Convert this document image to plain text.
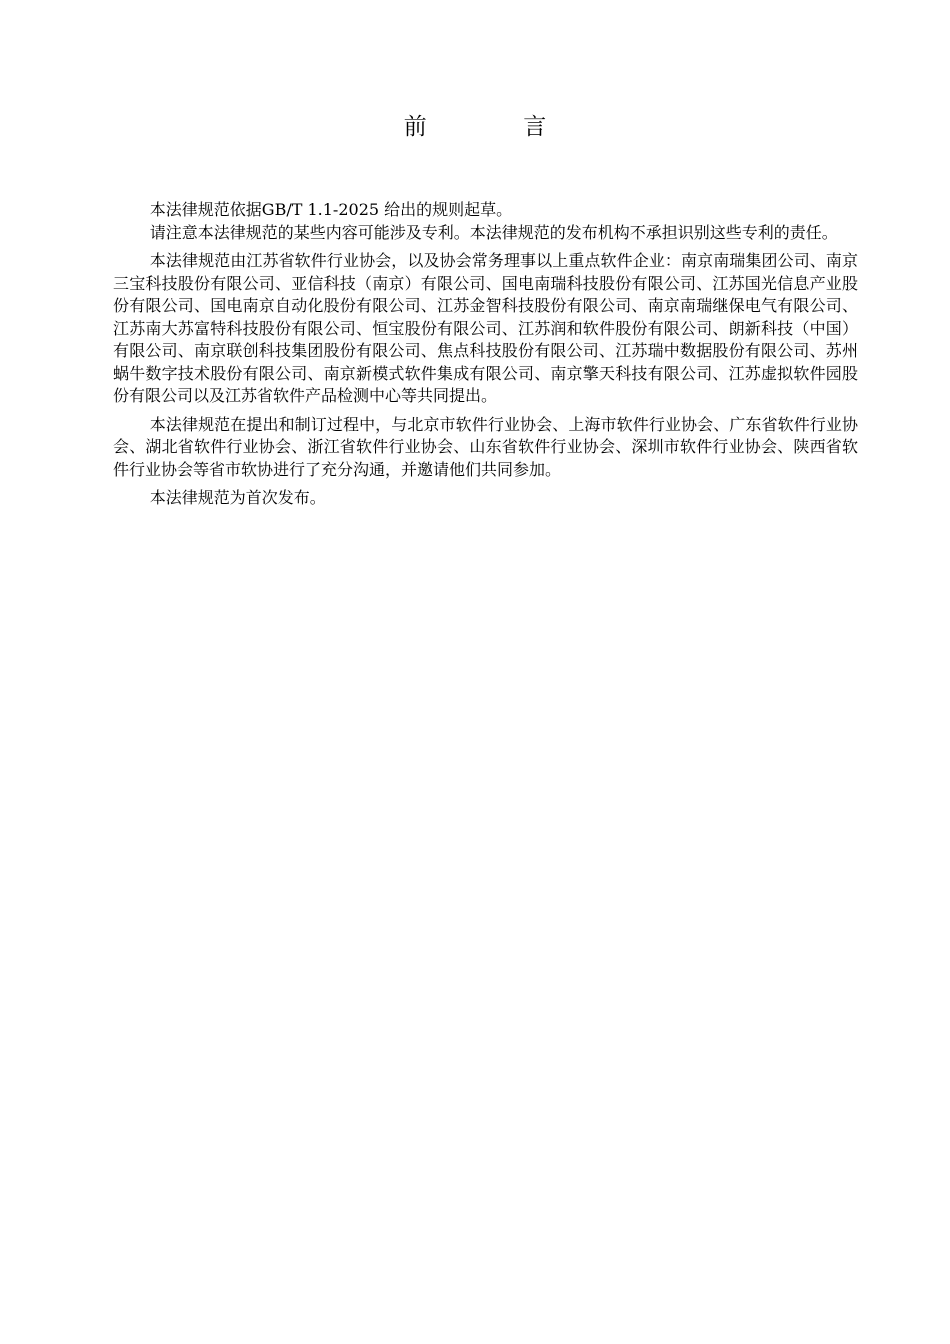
前　言

本法律规范依据GB/T 1.1-2025 给出的规则起草。

请注意本法律规范的某些内容可能涉及专利。本法律规范的发布机构不承担识别这些专利的责任。

本法律规范由江苏省软件行业协会，以及协会常务理事以上重点软件企业：南京南瑞集团公司、南京三宝科技股份有限公司、亚信科技（南京）有限公司、国电南瑞科技股份有限公司、江苏国光信息产业股份有限公司、国电南京自动化股份有限公司、江苏金智科技股份有限公司、南京南瑞继保电气有限公司、江苏南大苏富特科技股份有限公司、恒宝股份有限公司、江苏润和软件股份有限公司、朗新科技（中国）有限公司、南京联创科技集团股份有限公司、焦点科技股份有限公司、江苏瑞中数据股份有限公司、苏州蜗牛数字技术股份有限公司、南京新模式软件集成有限公司、南京擎天科技有限公司、江苏虚拟软件园股份有限公司以及江苏省软件产品检测中心等共同提出。

本法律规范在提出和制订过程中，与北京市软件行业协会、上海市软件行业协会、广东省软件行业协会、湖北省软件行业协会、浙江省软件行业协会、山东省软件行业协会、深圳市软件行业协会、陕西省软件行业协会等省市软协进行了充分沟通，并邀请他们共同参加。

本法律规范为首次发布。
